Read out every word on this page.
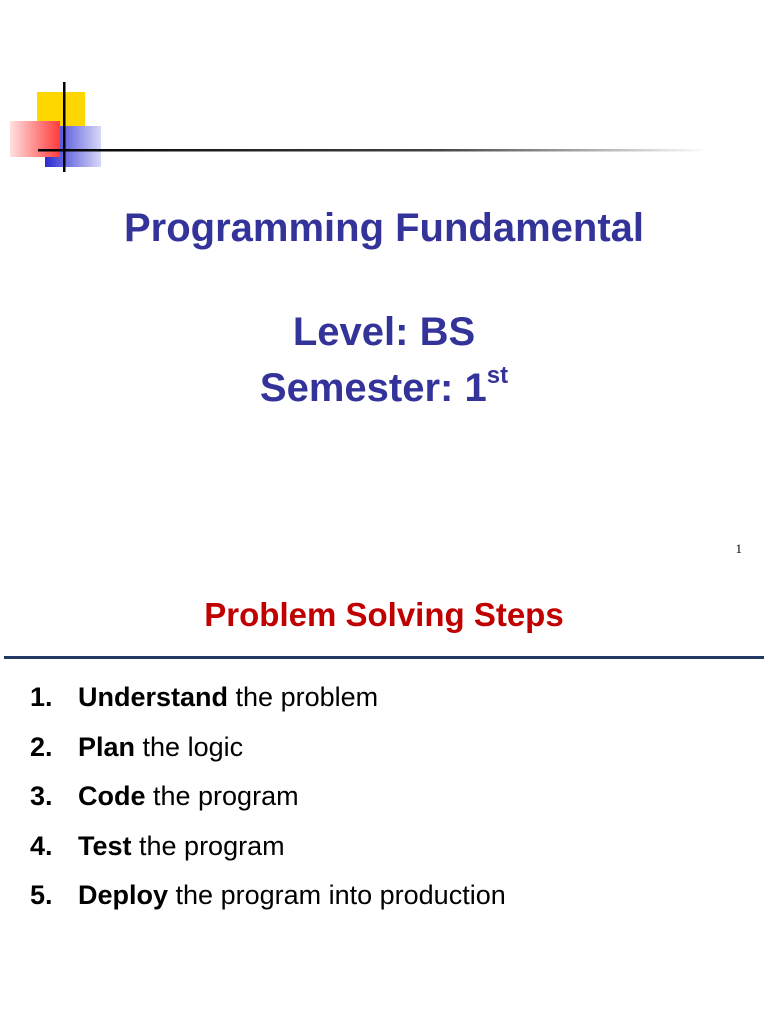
Programming Fundamental
Level: BS
Semester: 1st
1
Problem Solving Steps
1. Understand the problem
2. Plan the logic
3. Code the program
4. Test the program
5. Deploy the program into production
